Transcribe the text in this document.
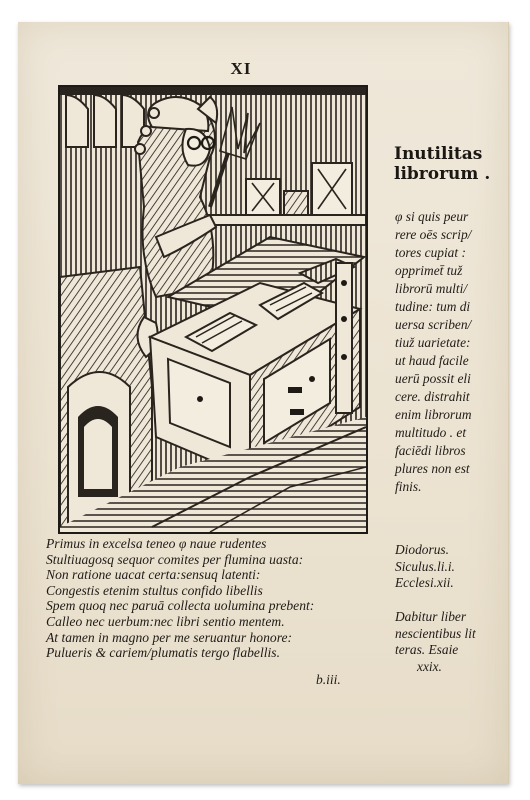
XI
Inutilitas
librorum .
φ si quis peur
rere oēs scrip/
tores cupiat :
opprimet̄ tuž
librorū multi/
tudine: tum di
uersa scriben/
tiuž uarietate:
ut haud facile
uerū possit eli
cere. distrahit
enim librorum
multitudo . et
faciēdi libros
plures non est
finis.
Primus in excelsa teneo φ naue rudentes
Stultiuagosq sequor comites per flumina uasta:
Non ratione uacat certa:sensuq latenti:
Congestis etenim stultus confido libellis
Spem quoq nec paruā collecta uolumina prebent:
Calleo nec uerbum:nec libri sentio mentem.
At tamen in magno per me seruantur honore:
Pulueris & cariem/plumatis tergo flabellis.
b.iii.
Diodorus.
Siculus.li.i.
Ecclesi.xii.
Dabitur liber
nescientibus lit
teras. Esaie
xxix.
